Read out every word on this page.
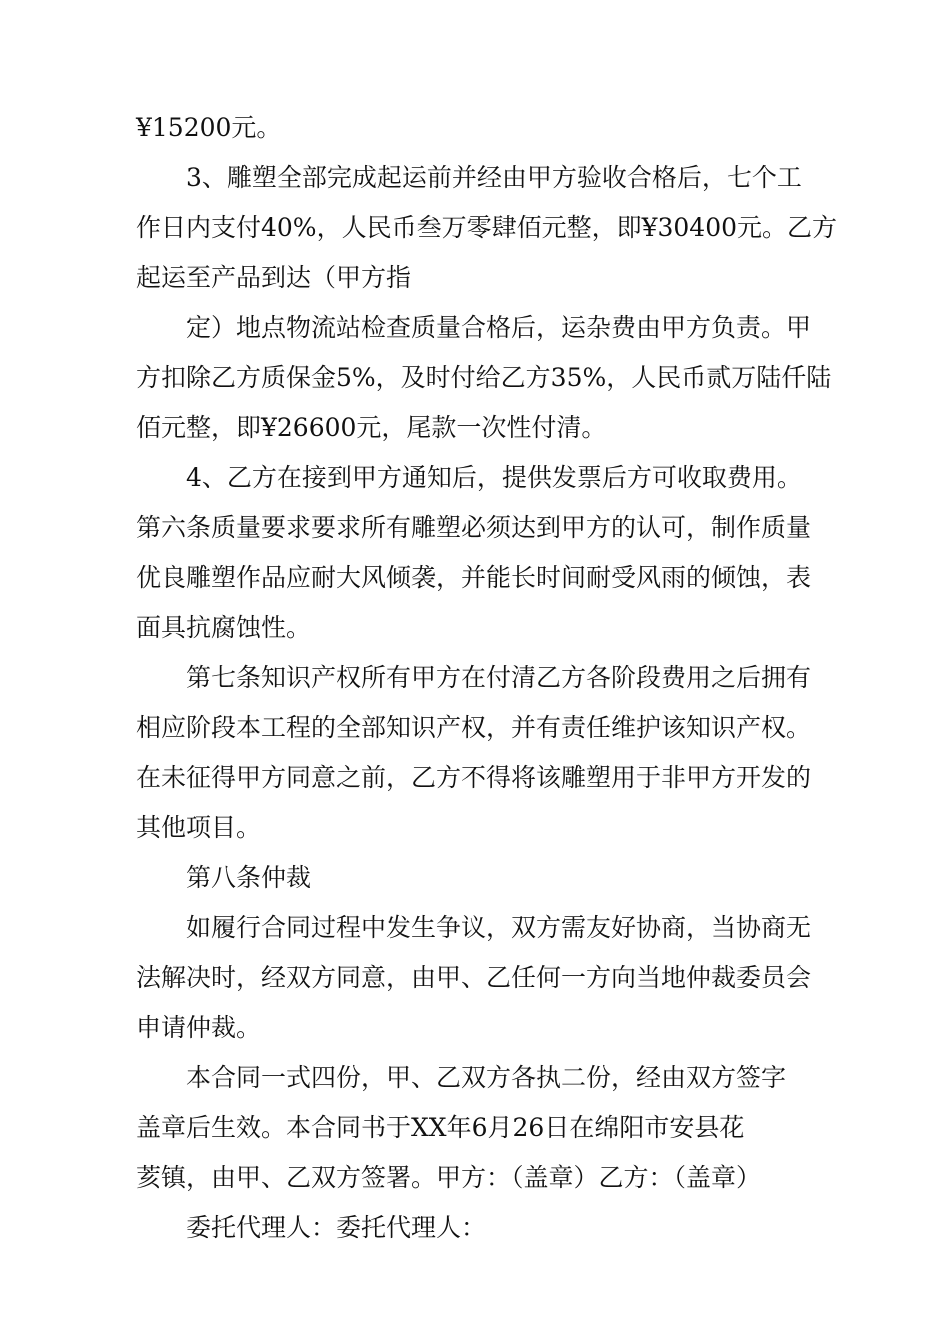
¥15200元。
3、雕塑全部完成起运前并经由甲方验收合格后，七个工
作日内支付40%，人民币叁万零肆佰元整，即¥30400元。乙方
起运至产品到达（甲方指
定）地点物流站检查质量合格后，运杂费由甲方负责。甲
方扣除乙方质保金5%，及时付给乙方35%，人民币贰万陆仟陆
佰元整，即¥26600元，尾款一次性付清。
4、乙方在接到甲方通知后，提供发票后方可收取费用。
第六条质量要求要求所有雕塑必须达到甲方的认可，制作质量
优良雕塑作品应耐大风倾袭，并能长时间耐受风雨的倾蚀，表
面具抗腐蚀性。
第七条知识产权所有甲方在付清乙方各阶段费用之后拥有
相应阶段本工程的全部知识产权，并有责任维护该知识产权。
在未征得甲方同意之前，乙方不得将该雕塑用于非甲方开发的
其他项目。
第八条仲裁
如履行合同过程中发生争议，双方需友好协商，当协商无
法解决时，经双方同意，由甲、乙任何一方向当地仲裁委员会
申请仲裁。
本合同一式四份，甲、乙双方各执二份，经由双方签字
盖章后生效。本合同书于XX年6月26日在绵阳市安县花
荄镇，由甲、乙双方签署。甲方：（盖章）乙方：（盖章）
委托代理人：委托代理人：
